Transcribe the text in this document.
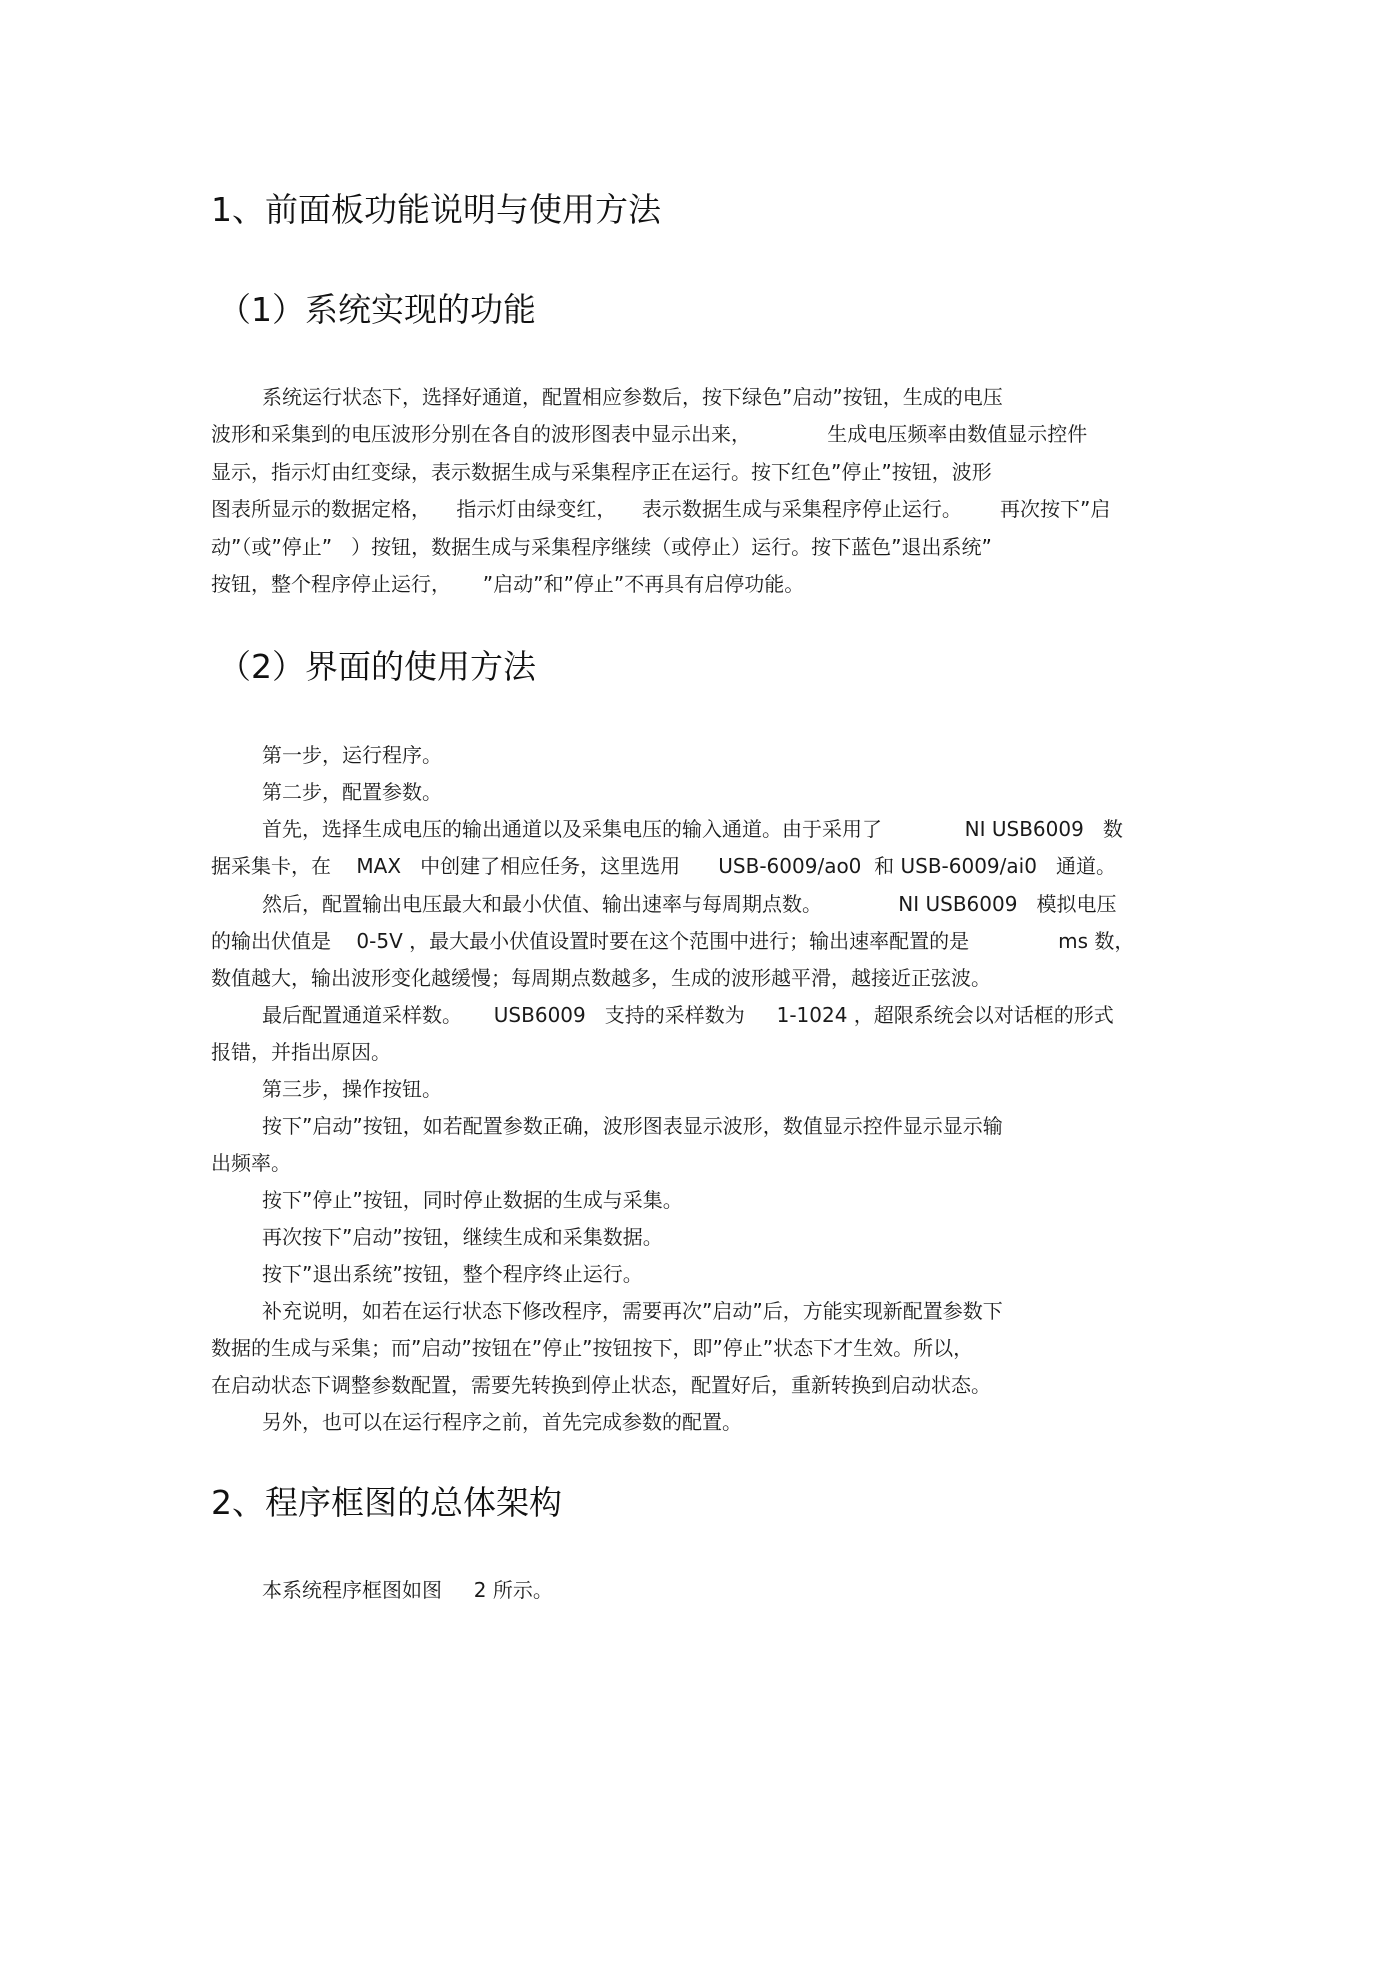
1、前面板功能说明与使用方法
（1）系统实现的功能

系统运行状态下，选择好通道，配置相应参数后，按下绿色”启动”按钮，生成的电压

波形和采集到的电压波形分别在各自的波形图表中显示出来，            生成电压频率由数值显示控件

显示，指示灯由红变绿，表示数据生成与采集程序正在运行。按下红色”停止”按钮，波形

图表所显示的数据定格，    指示灯由绿变红，    表示数据生成与采集程序停止运行。      再次按下”启

动”（或”停止”   ）按钮，数据生成与采集程序继续（或停止）运行。按下蓝色”退出系统”

按钮，整个程序停止运行，     ”启动”和”停止”不再具有启停功能。

（2）界面的使用方法

第一步，运行程序。

第二步，配置参数。

首先，选择生成电压的输出通道以及采集电压的输入通道。由于采用了             NI USB6009   数

据采集卡，在    MAX   中创建了相应任务，这里选用      USB-6009/ao0  和 USB-6009/ai0   通道。

然后，配置输出电压最大和最小伏值、输出速率与每周期点数。            NI USB6009   模拟电压

的输出伏值是    0-5V ，最大最小伏值设置时要在这个范围中进行；输出速率配置的是              ms 数，

数值越大，输出波形变化越缓慢；每周期点数越多，生成的波形越平滑，越接近正弦波。

最后配置通道采样数。     USB6009   支持的采样数为     1-1024 ，超限系统会以对话框的形式

报错，并指出原因。

第三步，操作按钮。

按下”启动”按钮，如若配置参数正确，波形图表显示波形，数值显示控件显示显示输

出频率。

按下”停止”按钮，同时停止数据的生成与采集。

再次按下”启动”按钮，继续生成和采集数据。

按下”退出系统”按钮，整个程序终止运行。

补充说明，如若在运行状态下修改程序，需要再次”启动”后，方能实现新配置参数下

数据的生成与采集；而”启动”按钮在”停止”按钮按下，即”停止”状态下才生效。所以，

在启动状态下调整参数配置，需要先转换到停止状态，配置好后，重新转换到启动状态。

另外，也可以在运行程序之前，首先完成参数的配置。

2、程序框图的总体架构

本系统程序框图如图     2 所示。
